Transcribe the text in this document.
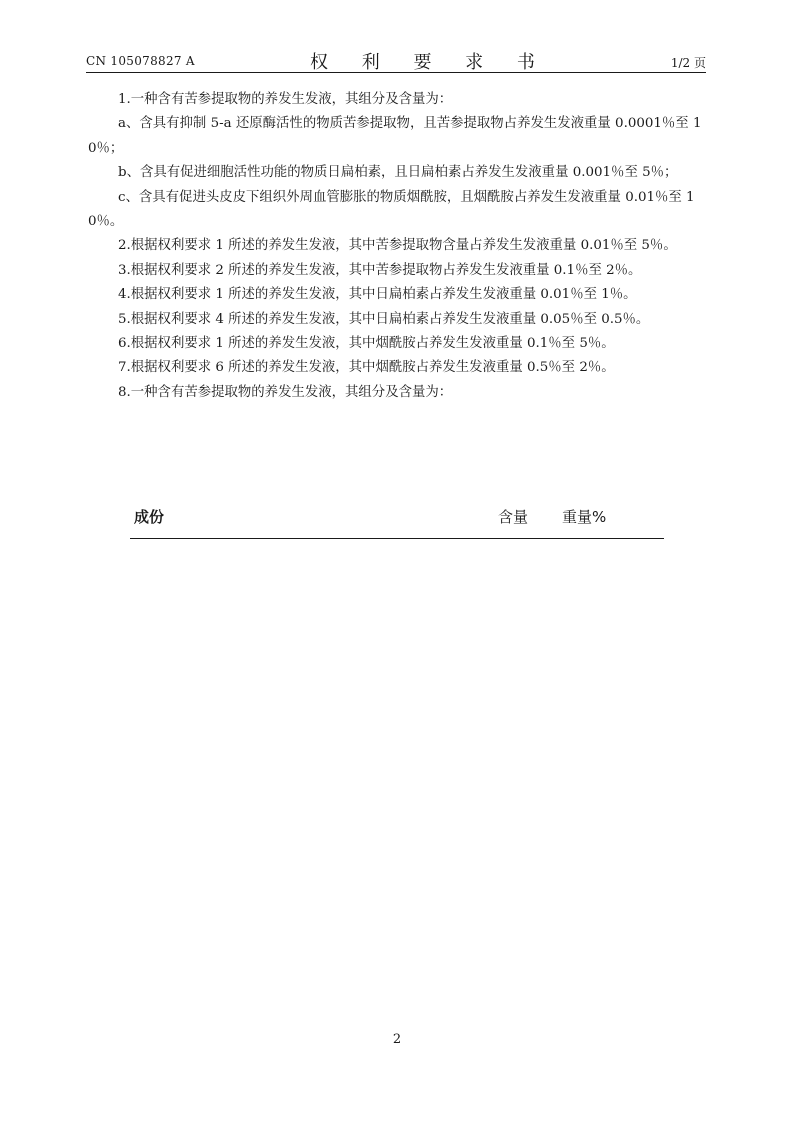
CN 105078827 A	权 利 要 求 书	1/2 页

1.一种含有苦参提取物的养发生发液，其组分及含量为：

a、含具有抑制 5-a 还原酶活性的物质苦参提取物，且苦参提取物占养发生发液重量 0.0001％至 10％；

b、含具有促进细胞活性功能的物质日扁柏素，且日扁柏素占养发生发液重量 0.001％至 5％；

c、含具有促进头皮皮下组织外周血管膨胀的物质烟酰胺，且烟酰胺占养发生发液重量 0.01％至 10％。

2.根据权利要求 1 所述的养发生发液，其中苦参提取物含量占养发生发液重量 0.01％至 5％。

3.根据权利要求 2 所述的养发生发液，其中苦参提取物占养发生发液重量 0.1％至 2％。

4.根据权利要求 1 所述的养发生发液，其中日扁柏素占养发生发液重量 0.01％至 1％。

5.根据权利要求 4 所述的养发生发液，其中日扁柏素占养发生发液重量 0.05％至 0.5％。

6.根据权利要求 1 所述的养发生发液，其中烟酰胺占养发生发液重量 0.1％至 5％。

7.根据权利要求 6 所述的养发生发液，其中烟酰胺占养发生发液重量 0.5％至 2％。

8.一种含有苦参提取物的养发生发液，其组分及含量为：

成份	含量 重量%
2
